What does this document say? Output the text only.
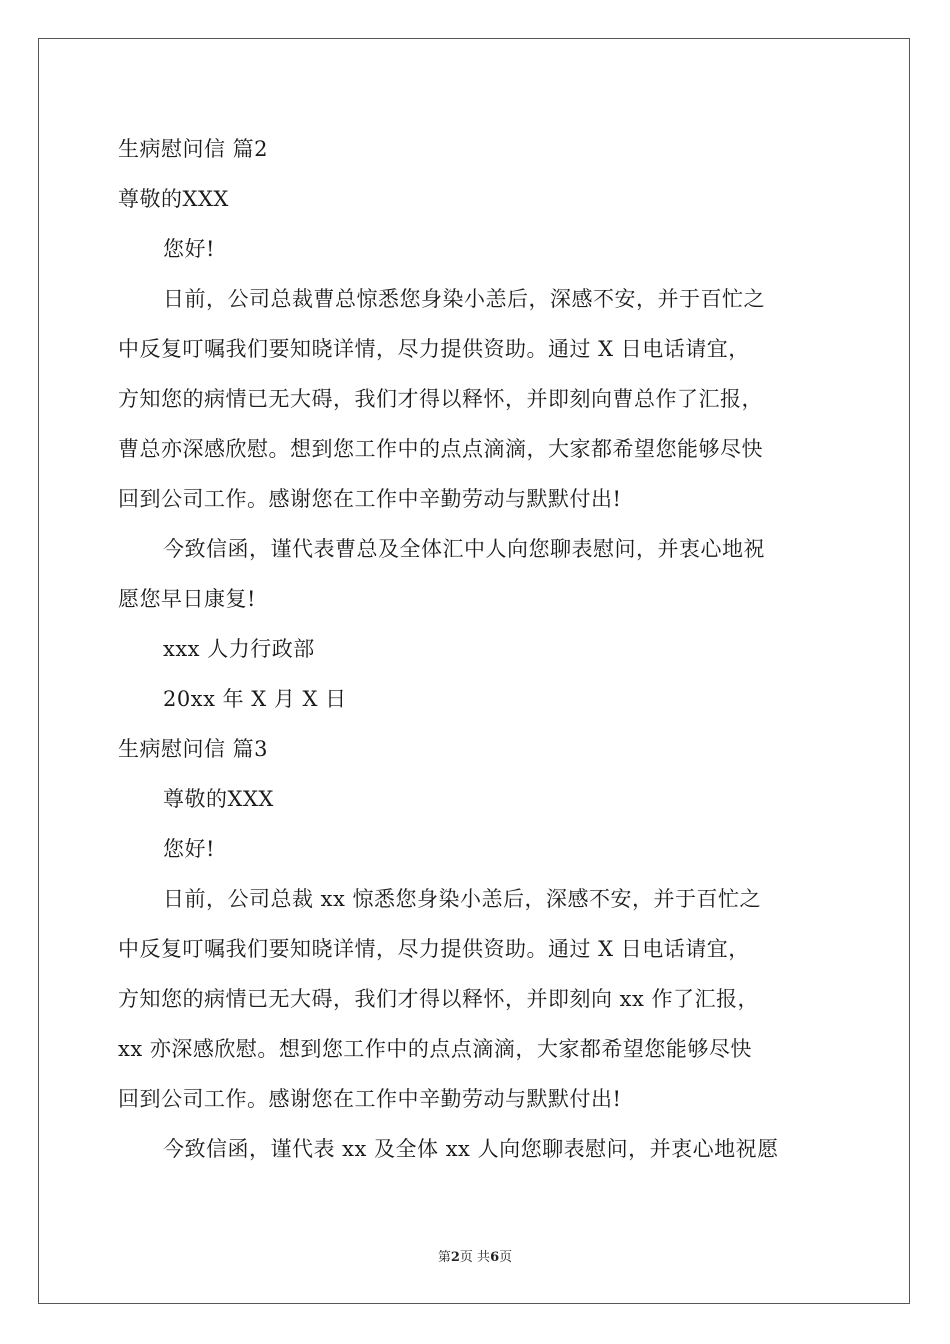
生病慰问信 篇2
尊敬的XXX
您好!
日前，公司总裁曹总惊悉您身染小恙后，深感不安，并于百忙之
中反复叮嘱我们要知晓详情，尽力提供资助。通过 X 日电话请宜，
方知您的病情已无大碍，我们才得以释怀，并即刻向曹总作了汇报，
曹总亦深感欣慰。想到您工作中的点点滴滴，大家都希望您能够尽快
回到公司工作。感谢您在工作中辛勤劳动与默默付出!
今致信函，谨代表曹总及全体汇中人向您聊表慰问，并衷心地祝
愿您早日康复!
xxx 人力行政部
20xx 年 X 月 X 日
生病慰问信 篇3
尊敬的XXX
您好!
日前，公司总裁 xx 惊悉您身染小恙后，深感不安，并于百忙之
中反复叮嘱我们要知晓详情，尽力提供资助。通过 X 日电话请宜，
方知您的病情已无大碍，我们才得以释怀，并即刻向 xx 作了汇报，
xx 亦深感欣慰。想到您工作中的点点滴滴，大家都希望您能够尽快
回到公司工作。感谢您在工作中辛勤劳动与默默付出!
今致信函，谨代表 xx 及全体 xx 人向您聊表慰问，并衷心地祝愿
第2页 共6页
